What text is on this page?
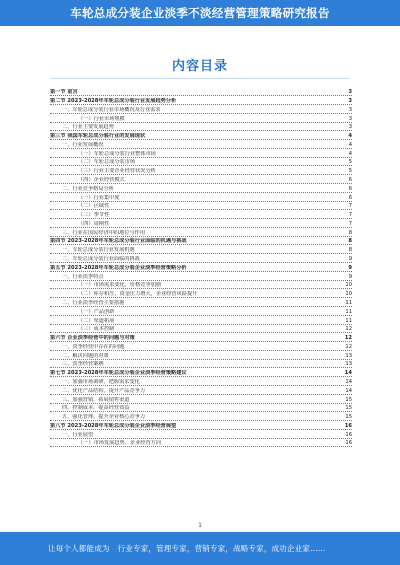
车轮总成分装企业淡季不淡经营管理策略研究报告
内容目录
第一节 前言	3
第二节 2023-2028年车轮总成分装行业发展趋势分析	3
一、车轮总成分装行业市场概况及行业需求	3
（一）行业市场规模	3
二、行业主要发展趋势	3
第三节 我国车轮总成分装行业的发展现状	4
一、行业发展概况	4
（一）车轮总成分装行业整体市场	4
（二）车轮总成分装市场	5
（三）行业主要企业经营状况分析	5
（四）企业经营模式	6
二、行业竞争格局分析	6
（一）行业集中度	6
（二）区域性	7
（三）季节性	7
（四）周期性	7
三、行业在国民经济中的地位与作用	8
第四节 2023-2028年车轮总成分装行业面临的机遇与挑战	8
一、车轮总成分装行业发展机遇	8
二、车轮总成分装行业面临的挑战	9
第五节 2023-2028年车轮总成分装企业淡季经营策略分析	9
一、行业淡季特点	9
（一）市场需求变化，价格竞争加剧	10
（二）库存积压、资金压力增大，企业经营风险提升	10
二、行业淡季经营主要措施	11
（一）产品创新	11
（二）渠道拓展	11
（三）成本控制	12
第六节 企业淡季经营中的问题与对策	12
一、淡季经营中存在的问题	12
二、解决问题的对策	13
三、淡季经营案例	13
第七节 2023-2028年车轮总成分装企业淡季经营策略建议	14
一、加强市场调研，把握需求变化	14
二、优化产品结构，提升产品竞争力	14
三、加强营销，拓展销售渠道	15
四、控制成本，提高经营效益	15
五、强化管理，提升企业核心竞争力	15
第八节 2023-2028年车轮总成分装企业淡季经营展望	16
一、行业展望	16
（一）市场发展趋势，企业经营方向	16
1
让每个人都能成为	行业专家，管理专家，营销专家，战略专家，成功企业家……
